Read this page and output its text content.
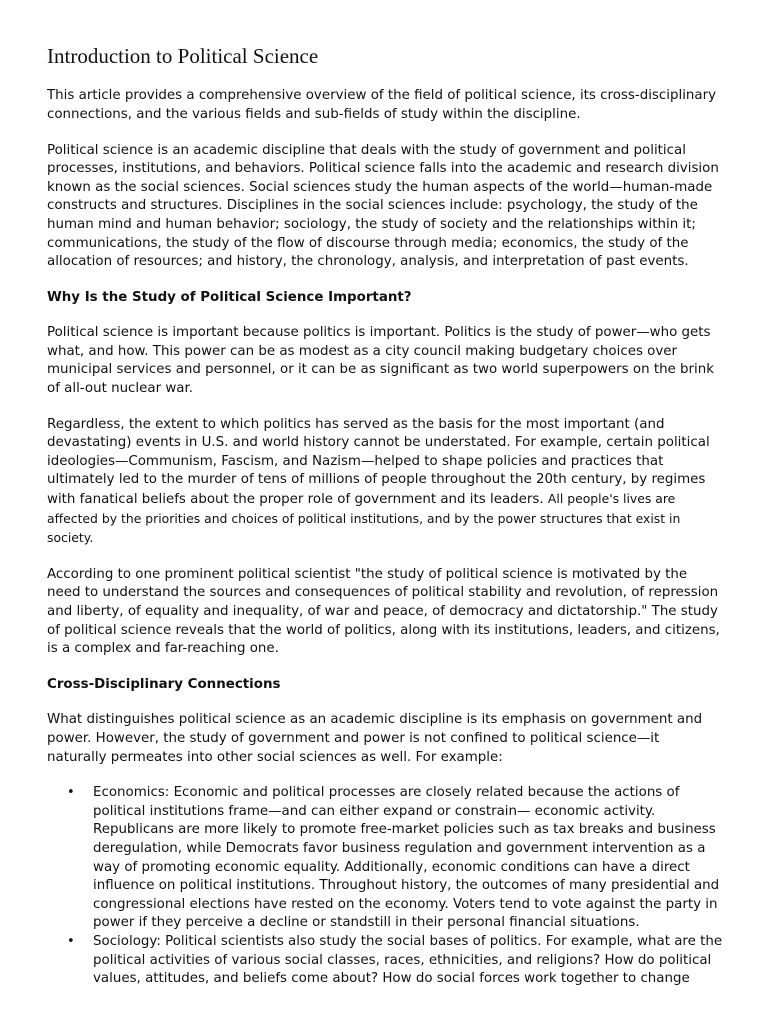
Introduction to Political Science

This article provides a comprehensive overview of the field of political science, its cross-disciplinary connections, and the various fields and sub-fields of study within the discipline.

Political science is an academic discipline that deals with the study of government and political processes, institutions, and behaviors. Political science falls into the academic and research division known as the social sciences. Social sciences study the human aspects of the world—human-made constructs and structures. Disciplines in the social sciences include: psychology, the study of the human mind and human behavior; sociology, the study of society and the relationships within it; communications, the study of the flow of discourse through media; economics, the study of the allocation of resources; and history, the chronology, analysis, and interpretation of past events.

Why Is the Study of Political Science Important?

Political science is important because politics is important. Politics is the study of power—who gets what, and how. This power can be as modest as a city council making budgetary choices over municipal services and personnel, or it can be as significant as two world superpowers on the brink of all-out nuclear war.

Regardless, the extent to which politics has served as the basis for the most important (and devastating) events in U.S. and world history cannot be understated. For example, certain political ideologies—Communism, Fascism, and Nazism—helped to shape policies and practices that ultimately led to the murder of tens of millions of people throughout the 20th century, by regimes with fanatical beliefs about the proper role of government and its leaders. All people's lives are affected by the priorities and choices of political institutions, and by the power structures that exist in society.

According to one prominent political scientist "the study of political science is motivated by the need to understand the sources and consequences of political stability and revolution, of repression and liberty, of equality and inequality, of war and peace, of democracy and dictatorship." The study of political science reveals that the world of politics, along with its institutions, leaders, and citizens, is a complex and far-reaching one.

Cross-Disciplinary Connections

What distinguishes political science as an academic discipline is its emphasis on government and power. However, the study of government and power is not confined to political science—it naturally permeates into other social sciences as well. For example:

• Economics: Economic and political processes are closely related because the actions of political institutions frame—and can either expand or constrain— economic activity. Republicans are more likely to promote free-market policies such as tax breaks and business deregulation, while Democrats favor business regulation and government intervention as a way of promoting economic equality. Additionally, economic conditions can have a direct influence on political institutions. Throughout history, the outcomes of many presidential and congressional elections have rested on the economy. Voters tend to vote against the party in power if they perceive a decline or standstill in their personal financial situations.
• Sociology: Political scientists also study the social bases of politics. For example, what are the political activities of various social classes, races, ethnicities, and religions? How do political values, attitudes, and beliefs come about? How do social forces work together to change
